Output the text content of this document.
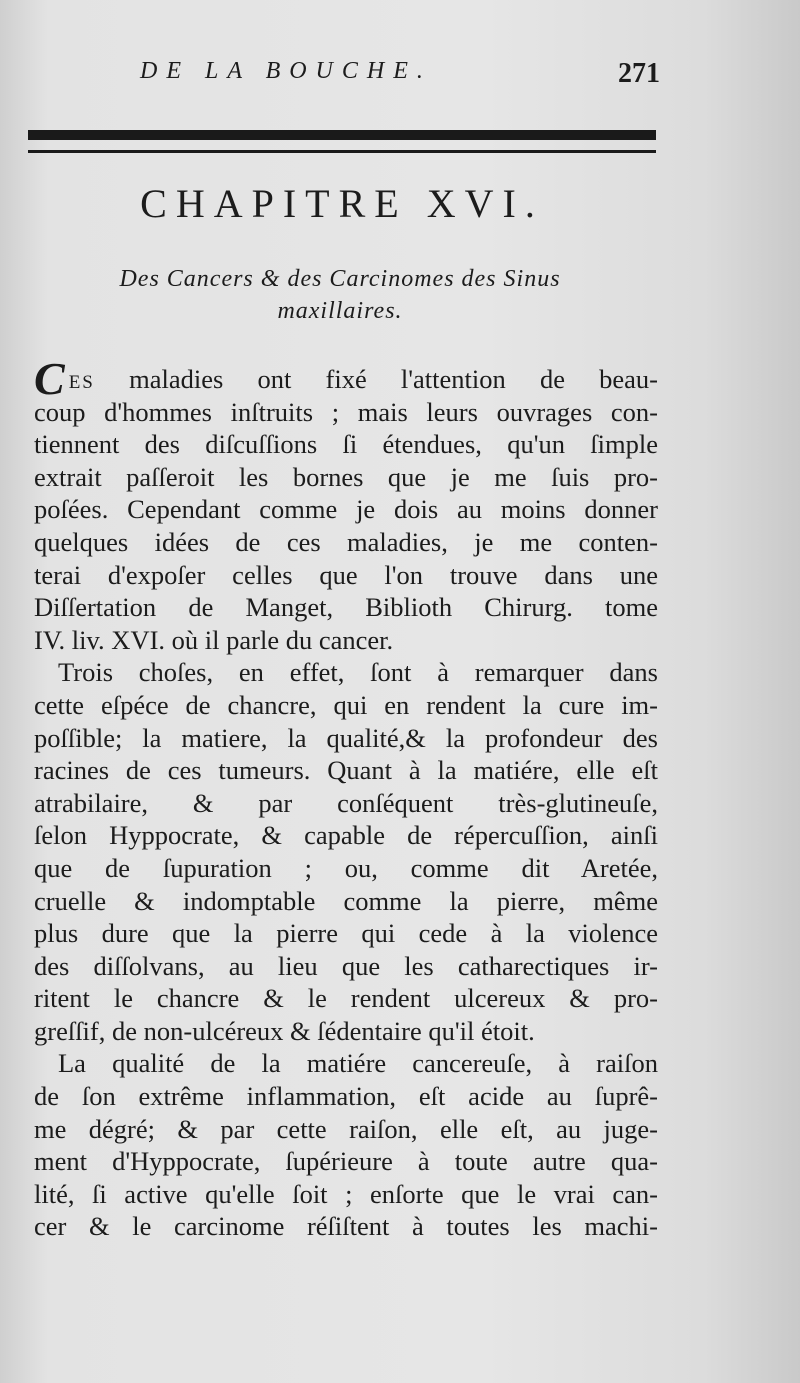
DE LA BOUCHE.	271
CHAPITRE XVI.
Des Cancers & des Carcinomes des Sinus
maxillaires.
CES maladies ont fixé l'attention de beau-
coup d'hommes inſtruits ; mais leurs ouvrages con-
tiennent des diſcuſſions ſi étendues, qu'un ſimple
extrait paſſeroit les bornes que je me ſuis pro-
poſées. Cependant comme je dois au moins donner
quelques idées de ces maladies, je me conten-
terai d'expoſer celles que l'on trouve dans une
Diſſertation de Manget, Biblioth Chirurg. tome
IV. liv. XVI. où il parle du cancer.
Trois choſes, en effet, ſont à remarquer dans
cette eſpéce de chancre, qui en rendent la cure im-
poſſible; la matiere, la qualité,& la profondeur des
racines de ces tumeurs. Quant à la matiére, elle eſt
atrabilaire, & par conſéquent très-glutineuſe,
ſelon Hyppocrate, & capable de répercuſſion, ainſi
que de ſupuration ; ou, comme dit Aretée,
cruelle & indomptable comme la pierre, même
plus dure que la pierre qui cede à la violence
des diſſolvans, au lieu que les catharectiques ir-
ritent le chancre & le rendent ulcereux & pro-
greſſif, de non-ulcéreux & ſédentaire qu'il étoit.
La qualité de la matiére cancereuſe, à raiſon
de ſon extrême inflammation, eſt acide au ſuprê-
me dégré; & par cette raiſon, elle eſt, au juge-
ment d'Hyppocrate, ſupérieure à toute autre qua-
lité, ſi active qu'elle ſoit ; enſorte que le vrai can-
cer & le carcinome réſiſtent à toutes les machi-
